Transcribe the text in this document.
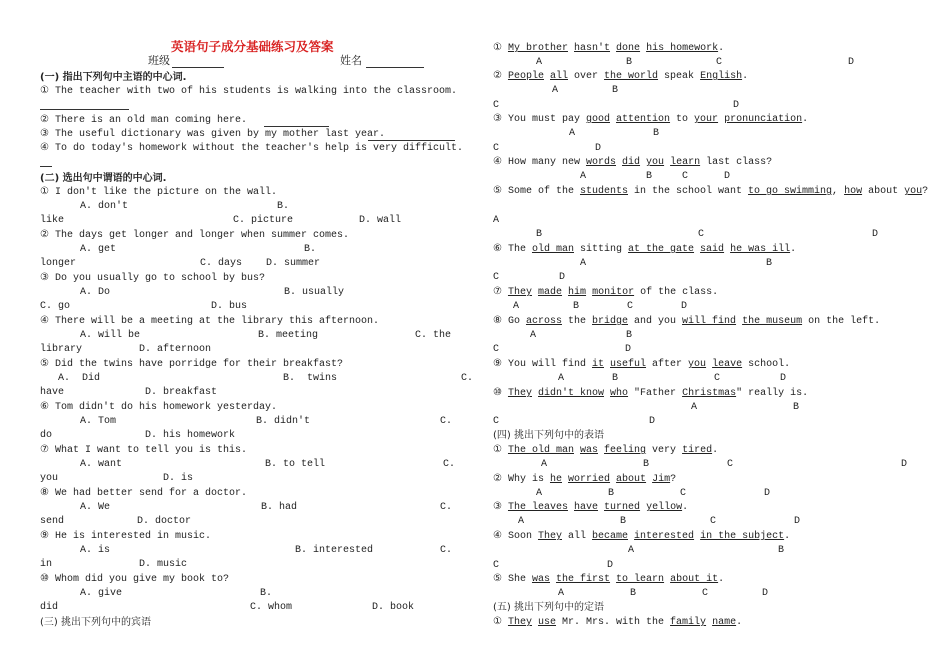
英语句子成分基础练习及答案
班级	姓名
(一) 指出下列句中主语的中心词.
① The teacher with two of his students is walking into the classroom.
② There is an old man coming here.
③ The useful dictionary was given by my mother last year.
④ To do today's homework without the teacher's help is very difficult.
(二) 选出句中谓语的中心词.
① I don't like the picture on the wall.
A. don't	B.
like	C. picture	D. wall
② The days get longer and longer when summer comes.
A. get	B.
longer	C. days D. summer
③ Do you usually go to school by bus?
A. Do	B. usually
C. go	D. bus
④ There will be a meeting at the library this afternoon.
A. will be	B. meeting	C. the
library	D. afternoon
⑤ Did the twins have porridge for their breakfast?
A.  Did	B.  twins	C.
have	D. breakfast
⑥ Tom didn't do his homework yesterday.
A. Tom	B. didn't	C.
do	D. his homework
⑦ What I want to tell you is this.
A. want	B. to tell	C.
you	D. is
⑧ We had better send for a doctor.
A. We	B. had	C.
send	D. doctor
⑨ He is interested in music.
A. is	B. interested	C.
in	D. music
⑩ Whom did you give my book to?
A. give	B.
did	C. whom	D. book
(三) 挑出下列句中的宾语
① My brother hasn't done his homework.
A              B              C                     D
② People all over the world speak English.
A         B
C                                       D
③ You must pay good attention to your pronunciation.
A             B
C                D
④ How many new words did you learn last class?
A          B     C      D
⑤ Some of the students in the school want to go swimming, how about you?
A
B                          C                            D
⑥ The old man sitting at the gate said he was ill.
A                              B
C          D
⑦ They made him monitor of the class.
A         B        C        D
⑧ Go across the bridge and you will find the museum on the left.
A               B
C                     D
⑨ You will find it useful after you leave school.
A        B                C          D
⑩ They didn't know who "Father Christmas" really is.
A                B
C                         D
(四) 挑出下列句中的表语
① The old man was feeling very tired.
A                B             C                            D
② Why is he worried about Jim?
A           B           C             D
③ The leaves have turned yellow.
A                B              C             D
④ Soon They all became interested in the subject.
A                        B
C                  D
⑤ She was the first to learn about it.
A           B           C         D
(五) 挑出下列句中的定语
① They use Mr. Mrs. with the family name.
